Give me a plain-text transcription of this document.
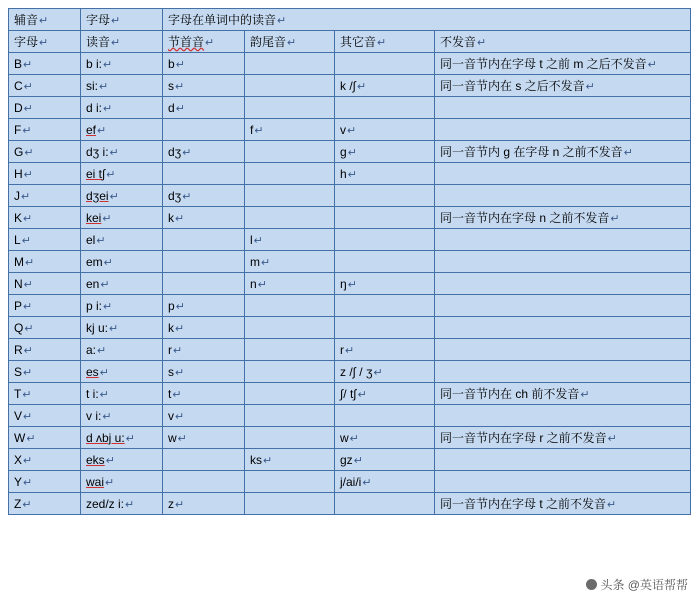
辅音↵	字母↵	字母在单词中的读音↵			
字母↵	读音↵	节首音↵	韵尾音↵	其它音↵	不发音↵
B↵	b i:↵	b↵			同一音节内在字母 t 之前 m 之后不发音↵
C↵	si:↵	s↵		k /∫↵	同一音节内在 s 之后不发音↵
D↵	d i:↵	d↵			
F↵	ef↵		f↵	v↵	
G↵	dʒ i:↵	dʒ↵		g↵	同一音节内 g 在字母 n 之前不发音↵
H↵	ei t∫↵			h↵	
J↵	dʒei↵	dʒ↵			
K↵	kei↵	k↵			同一音节内在字母 n 之前不发音↵
L↵	el↵		l↵		
M↵	em↵		m↵		
N↵	en↵		n↵	ŋ↵	
P↵	p i:↵	p↵			
Q↵	kj u:↵	k↵			
R↵	a:↵	r↵		r↵	
S↵	es↵	s↵		z /∫ / ʒ↵	
T↵	t i:↵	t↵		∫/ t∫↵	同一音节内在 ch 前不发音↵
V↵	v i:↵	v↵			
W↵	d ʌbj u:↵	w↵		w↵	同一音节内在字母 r 之前不发音↵
X↵	eks↵		ks↵	gz↵	
Y↵	wai↵			j/ai/i↵	
Z↵	zed/z i:↵	z↵			同一音节内在字母 t 之前不发音↵
头条 @英语帮帮
